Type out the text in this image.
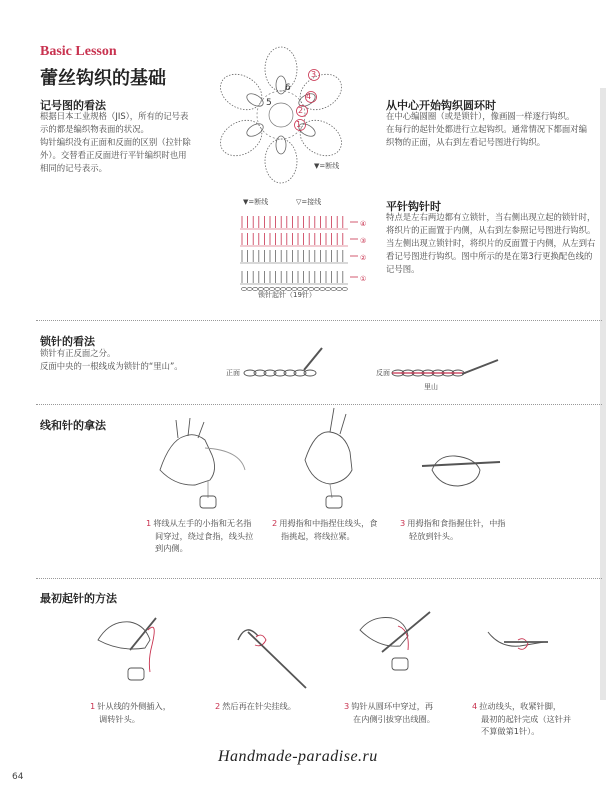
Basic Lesson
蕾丝钩织的基础
记号图的看法
根据日本工业规格（JIS），所有的记号表
示的都是编织物表面的状况。
钩针编织没有正面和反面的区别（拉针除
外）。交替看正反面进行平针编织时也用
相同的记号表示。
6
5
4
3
2
1
▼=断线
从中心开始钩织圆环时
在中心编圆圈（或是锁针），像画圆一样逐行钩织。
在每行的起针处都进行立起钩织。通常情况下都面对编
织物的正面，从右到左看记号图进行钩织。
▼=断线	▽=接线
④
③
②
①
锁针起针（19针）
平针钩针时
特点是左右两边都有立锁针，当右侧出现立起的锁针时，
将织片的正面置于内侧，从右到左参照记号图进行钩织。
当左侧出现立锁针时，将织片的反面置于内侧，从左到右
看记号图进行钩织。图中所示的是在第3行更换配色线的
记号图。
锁针的看法
锁针有正反面之分。
反面中央的一根线成为锁针的“里山”。
正面	反面
里山
线和针的拿法
1 将线从左手的小指和无名指
间穿过，绕过食指，线头拉
到内侧。
2 用拇指和中指捏住线头，食
指挑起，将线拉紧。
3 用拇指和食指握住针，中指
轻放到针头。
最初起针的方法
1 针从线的外侧插入，
调转针头。
2 然后再在针尖挂线。	3 钩针从圆环中穿过，再
在内侧引拔穿出线圈。
4 拉动线头，收紧针脚，
最初的起针完成（这针并
不算做第1针）。
Handmade-paradise.ru
64
